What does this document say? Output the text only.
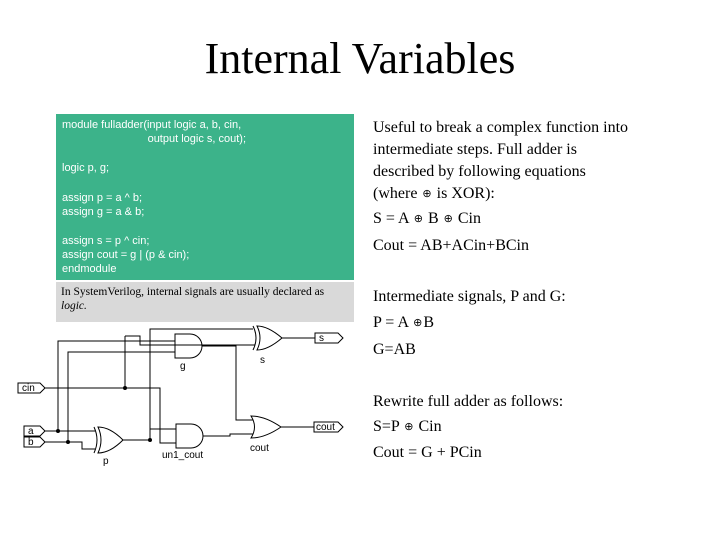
Internal Variables
module fulladder(input logic a, b, cin,
output logic s, cout);
logic p, g;
assign p = a ^ b;
assign g = a & b;
assign s = p ^ cin;
assign cout = g | (p & cin);
endmodule
In SystemVerilog, internal signals are usually declared as
logic.
Useful to break a complex function into
intermediate steps. Full adder is
described by following equations
(where ⊕ is XOR):
S = A ⊕ B ⊕ Cin
Cout = AB+ACin+BCin
Intermediate signals, P and G:
P = A ⊕B
G=AB
Rewrite full adder as follows:
S=P ⊕ Cin
Cout = G + PCin
cin
a
b
s
cout
g
s
p
un1_cout
cout
